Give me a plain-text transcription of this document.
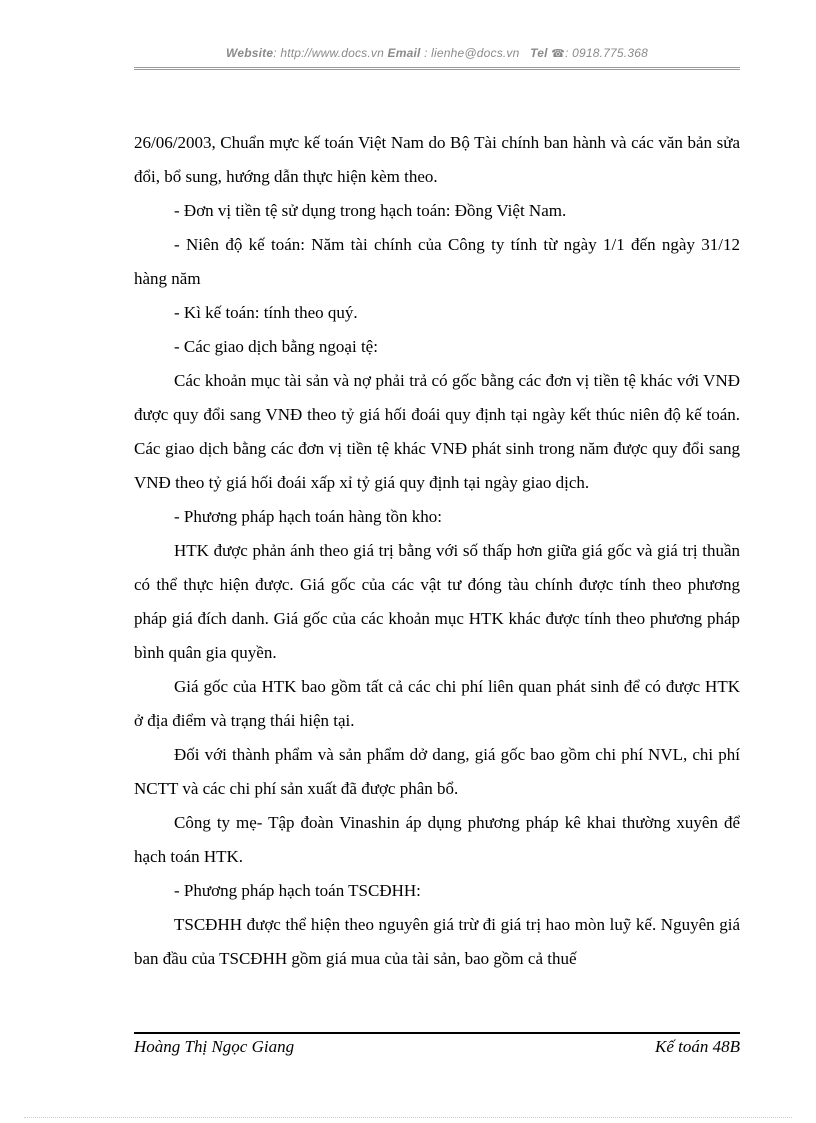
Website: http://www.docs.vn Email : lienhe@docs.vn Tel ☎: 0918.775.368

26/06/2003, Chuẩn mực kế toán Việt Nam do Bộ Tài chính ban hành và các văn bản sửa đổi, bổ sung, hướng dẫn thực hiện kèm theo.

- Đơn vị tiền tệ sử dụng trong hạch toán: Đồng Việt Nam.

- Niên độ kế toán: Năm tài chính của Công ty tính từ ngày 1/1 đến ngày 31/12 hàng năm

- Kì kế toán: tính theo quý.

- Các giao dịch bằng ngoại tệ:

Các khoản mục tài sản và nợ phải trả có gốc bằng các đơn vị tiền tệ khác với VNĐ được quy đổi sang VNĐ theo tỷ giá hối đoái quy định tại ngày kết thúc niên độ kế toán. Các giao dịch bằng các đơn vị tiền tệ khác VNĐ phát sinh trong năm được quy đổi sang VNĐ theo tỷ giá hối đoái xấp xỉ tỷ giá quy định tại ngày giao dịch.

- Phương pháp hạch toán hàng tồn kho:

HTK được phản ánh theo giá trị bằng với số thấp hơn giữa giá gốc và giá trị thuần có thể thực hiện được. Giá gốc của các vật tư đóng tàu chính được tính theo phương pháp giá đích danh. Giá gốc của các khoản mục HTK khác được tính theo phương pháp bình quân gia quyền.

Giá gốc của HTK bao gồm tất cả các chi phí liên quan phát sinh để có được HTK ở địa điểm và trạng thái hiện tại.

Đối với thành phẩm và sản phẩm dở dang, giá gốc bao gồm chi phí NVL, chi phí NCTT và các chi phí sản xuất đã được phân bổ.

Công ty mẹ- Tập đoàn Vinashin áp dụng phương pháp kê khai thường xuyên để hạch toán HTK.

- Phương pháp hạch toán TSCĐHH:

TSCĐHH được thể hiện theo nguyên giá trừ đi giá trị hao mòn luỹ kế. Nguyên giá ban đầu của TSCĐHH gồm giá mua của tài sản, bao gồm cả thuế

Hoàng Thị Ngọc Giang	Kế toán 48B
